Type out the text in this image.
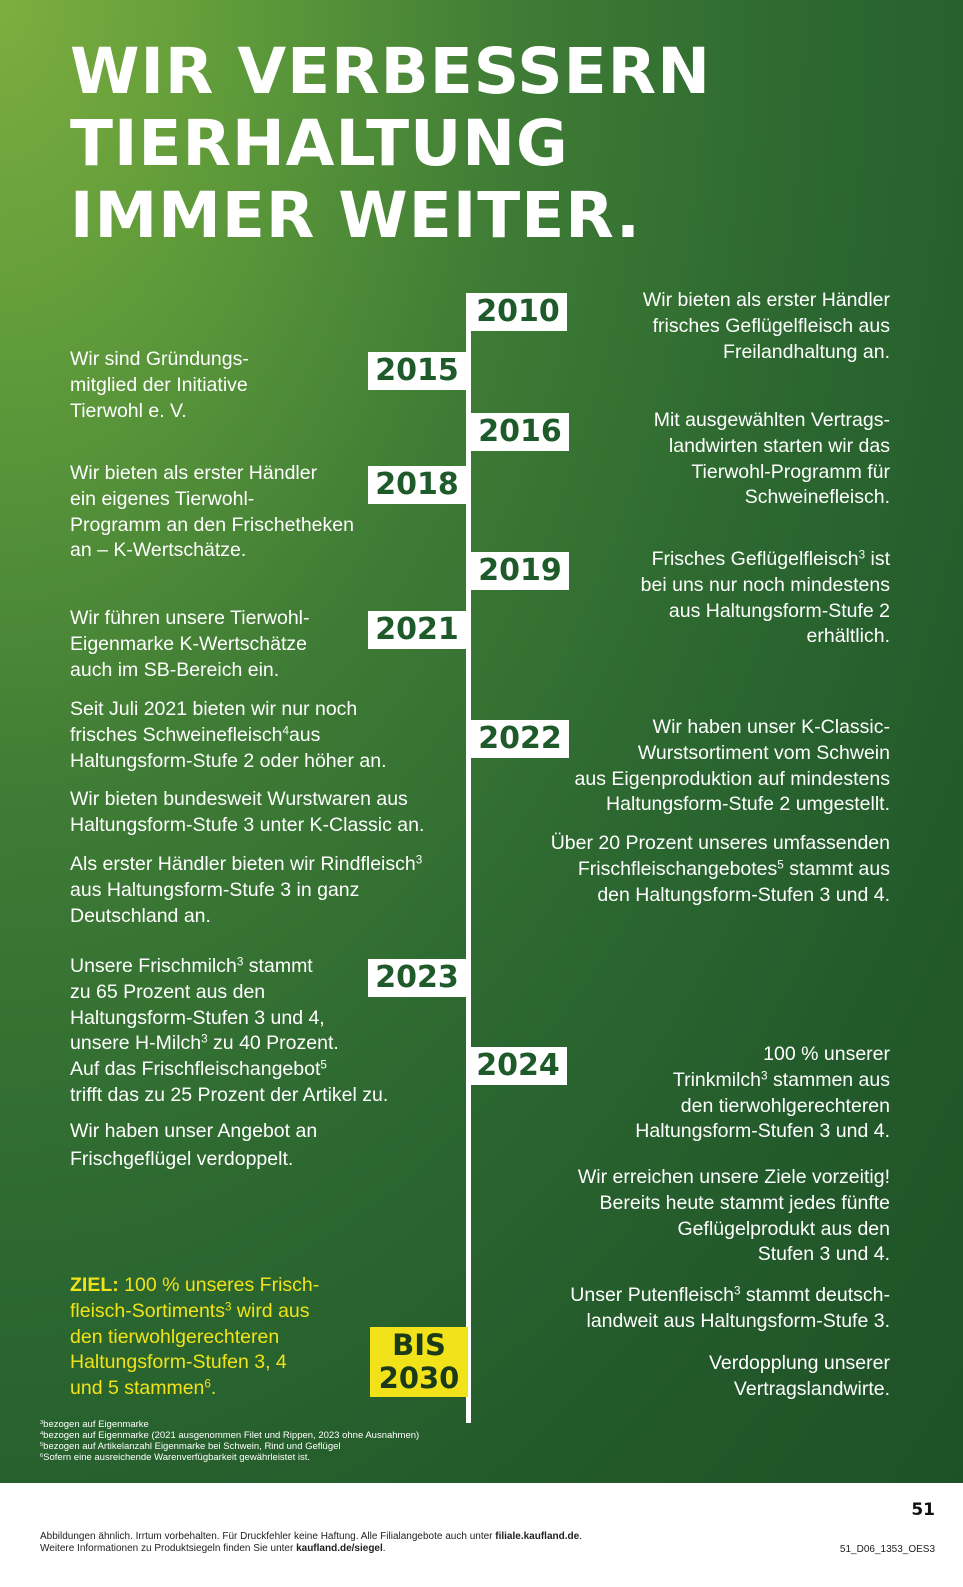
WIR VERBESSERN
TIERHALTUNG
IMMER WEITER.
2010
2015
2016
2018
2019
2021
2022
2023
2024
BIS
2030

Wir bieten als erster Händler
frisches Geflügelfleisch aus
Freilandhaltung an.

Mit ausgewählten Vertrags-
landwirten starten wir das
Tierwohl-Programm für
Schweinefleisch.

Frisches Geflügelfleisch$^3$ ist
bei uns nur noch mindestens
aus Haltungsform-Stufe 2
erhältlich.

Wir haben unser K-Classic-
Wurstsortiment vom Schwein
aus Eigenproduktion auf mindestens
Haltungsform-Stufe 2 umgestellt.

Über 20 Prozent unseres umfassenden
Frischfleischangebotes$^5$ stammt aus
den Haltungsform-Stufen 3 und 4.

100 % unserer
Trinkmilch$^3$ stammen aus
den tierwohlgerechteren
Haltungsform-Stufen 3 und 4.

Wir erreichen unsere Ziele vorzeitig!
Bereits heute stammt jedes fünfte
Geflügelprodukt aus den
Stufen 3 und 4.

Unser Putenfleisch$^3$ stammt deutsch-
landweit aus Haltungsform-Stufe 3.

Verdopplung unserer
Vertragslandwirte.

Wir sind Gründungs-
mitglied der Initiative
Tierwohl e. V.

Wir bieten als erster Händler
ein eigenes Tierwohl-
Programm an den Frischetheken
an – K-Wertschätze.

Wir führen unsere Tierwohl-
Eigenmarke K-Wertschätze
auch im SB-Bereich ein.

Seit Juli 2021 bieten wir nur noch
frisches Schweinefleisch$^4$aus
Haltungsform-Stufe 2 oder höher an.

Wir bieten bundesweit Wurstwaren aus
Haltungsform-Stufe 3 unter K-Classic an.

Als erster Händler bieten wir Rindfleisch$^3$
aus Haltungsform-Stufe 3 in ganz
Deutschland an.

Unsere Frischmilch$^3$ stammt
zu 65 Prozent aus den
Haltungsform-Stufen 3 und 4,
unsere H-Milch$^3$ zu 40 Prozent.
Auf das Frischfleischangebot$^5$
trifft das zu 25 Prozent der Artikel zu.

Wir haben unser Angebot an
Frischgeflügel verdoppelt.

ZIEL: 100 % unseres Frisch-
fleisch-Sortiments$^3$ wird aus
den tierwohlgerechteren
Haltungsform-Stufen 3, 4
und 5 stammen$^6$.

$^3$bezogen auf Eigenmarke
$^4$bezogen auf Eigenmarke (2021 ausgenommen Filet und Rippen, 2023 ohne Ausnahmen)
$^5$bezogen auf Artikelanzahl Eigenmarke bei Schwein, Rind und Geflügel
$^6$Sofern eine ausreichende Warenverfügbarkeit gewährleistet ist.
51
Abbildungen ähnlich. Irrtum vorbehalten. Für Druckfehler keine Haftung. Alle Filialangebote auch unter filiale.kaufland.de.
Weitere Informationen zu Produktsiegeln finden Sie unter kaufland.de/siegel.	51_D06_1353_OES3
